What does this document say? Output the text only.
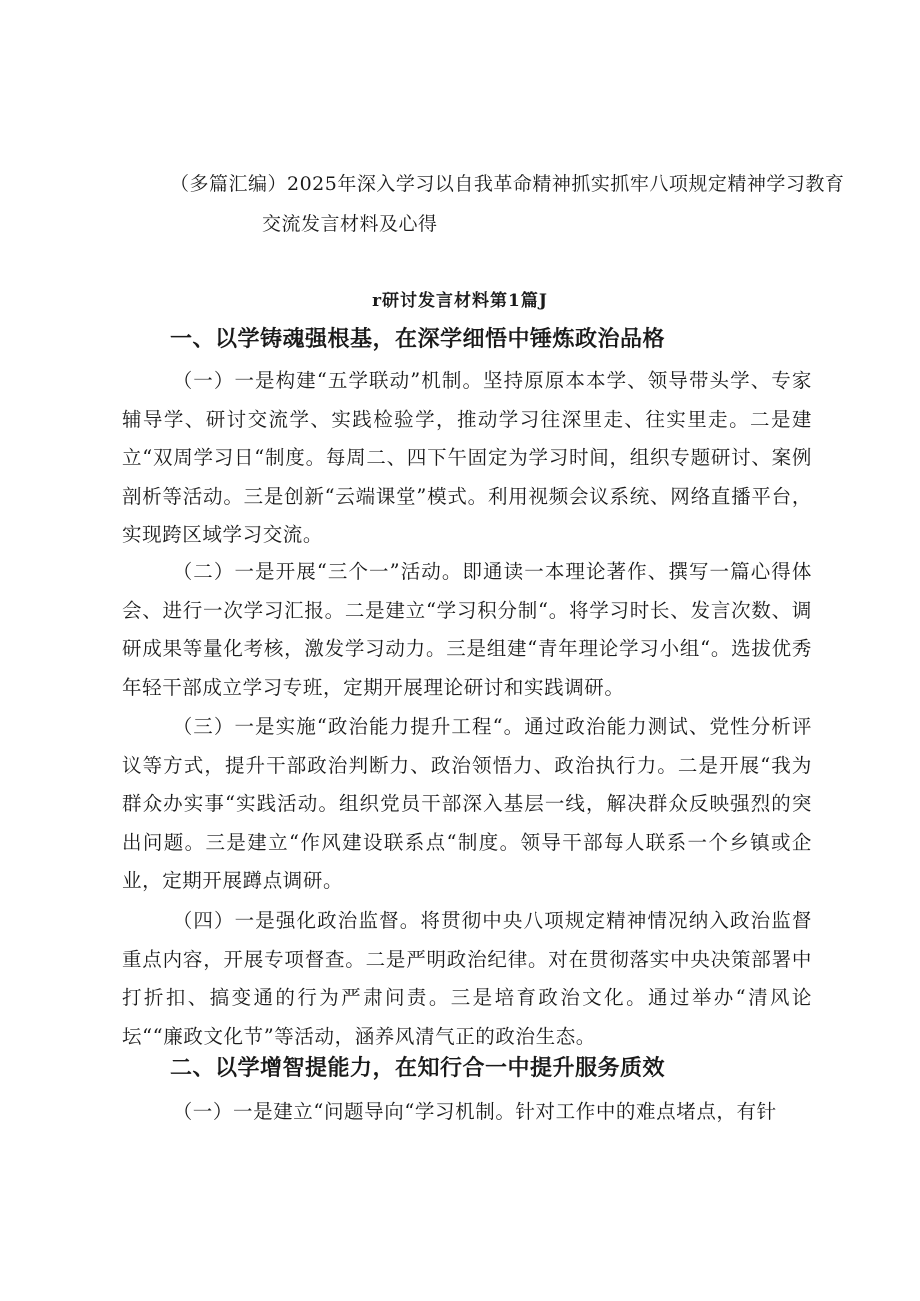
（多篇汇编）2025年深入学习以自我革命精神抓实抓牢八项规定精神学习教育
交流发言材料及心得
r研讨发言材料第1篇J
一、以学铸魂强根基，在深学细悟中锤炼政治品格
（一）一是构建“五学联动”机制。坚持原原本本学、领导带头学、专家辅导学、研讨交流学、实践检验学，推动学习往深里走、往实里走。二是建立“双周学习日“制度。每周二、四下午固定为学习时间，组织专题研讨、案例剖析等活动。三是创新“云端课堂”模式。利用视频会议系统、网络直播平台，实现跨区域学习交流。
（二）一是开展“三个一”活动。即通读一本理论著作、撰写一篇心得体会、进行一次学习汇报。二是建立“学习积分制“。将学习时长、发言次数、调研成果等量化考核，激发学习动力。三是组建“青年理论学习小组“。选拔优秀年轻干部成立学习专班，定期开展理论研讨和实践调研。
（三）一是实施“政治能力提升工程“。通过政治能力测试、党性分析评议等方式，提升干部政治判断力、政治领悟力、政治执行力。二是开展“我为群众办实事“实践活动。组织党员干部深入基层一线，解决群众反映强烈的突出问题。三是建立“作风建设联系点“制度。领导干部每人联系一个乡镇或企业，定期开展蹲点调研。
（四）一是强化政治监督。将贯彻中央八项规定精神情况纳入政治监督重点内容，开展专项督查。二是严明政治纪律。对在贯彻落实中央决策部署中打折扣、搞变通的行为严肃问责。三是培育政治文化。通过举办“清风论坛““廉政文化节”等活动，涵养风清气正的政治生态。
二、以学增智提能力，在知行合一中提升服务质效
（一）一是建立“问题导向“学习机制。针对工作中的难点堵点，有针
